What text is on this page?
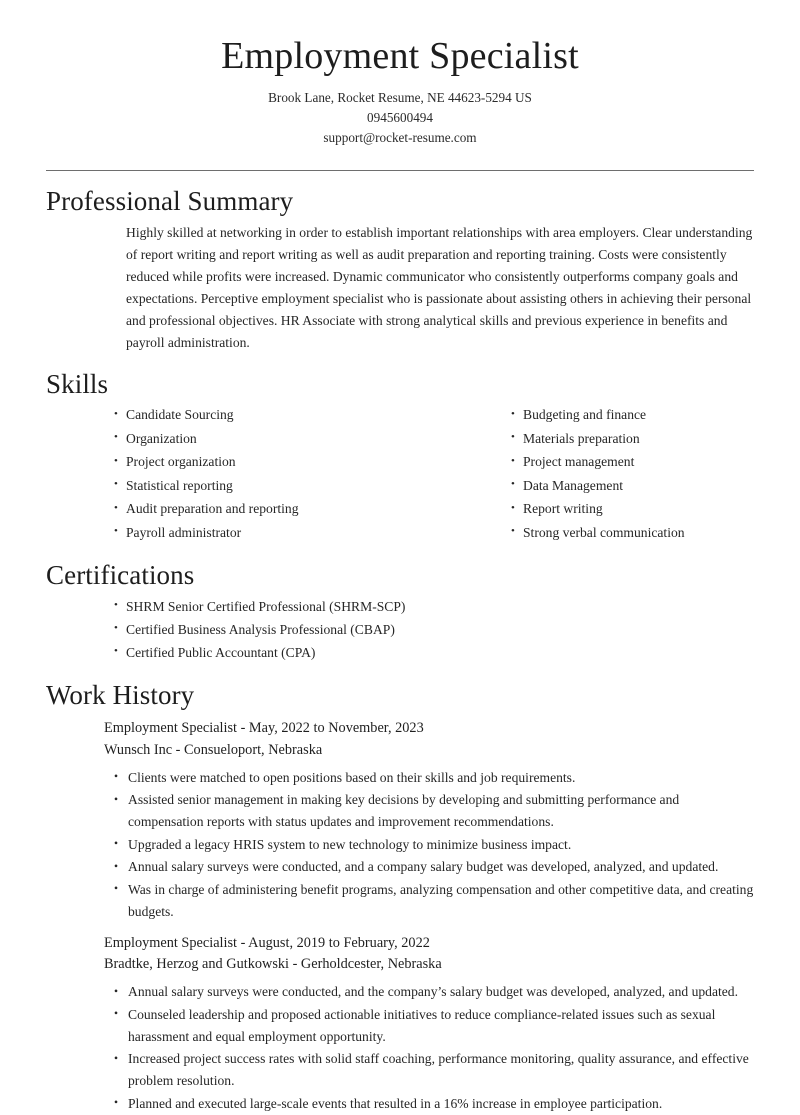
Employment Specialist
Brook Lane, Rocket Resume, NE 44623-5294 US
0945600494
support@rocket-resume.com
Professional Summary

Highly skilled at networking in order to establish important relationships with area employers. Clear understanding of report writing and report writing as well as audit preparation and reporting training. Costs were consistently reduced while profits were increased. Dynamic communicator who consistently outperforms company goals and expectations. Perceptive employment specialist who is passionate about assisting others in achieving their personal and professional objectives. HR Associate with strong analytical skills and previous experience in benefits and payroll administration.

Skills
• Candidate Sourcing
• Organization
• Project organization
• Statistical reporting
• Audit preparation and reporting
• Payroll administrator
• Budgeting and finance
• Materials preparation
• Project management
• Data Management
• Report writing
• Strong verbal communication
Certifications
• SHRM Senior Certified Professional (SHRM-SCP)
• Certified Business Analysis Professional (CBAP)
• Certified Public Accountant (CPA)
Work History
Employment Specialist - May, 2022 to November, 2023
Wunsch Inc - Consueloport, Nebraska
• Clients were matched to open positions based on their skills and job requirements.
• Assisted senior management in making key decisions by developing and submitting performance and compensation reports with status updates and improvement recommendations.
• Upgraded a legacy HRIS system to new technology to minimize business impact.
• Annual salary surveys were conducted, and a company salary budget was developed, analyzed, and updated.
• Was in charge of administering benefit programs, analyzing compensation and other competitive data, and creating budgets.
Employment Specialist - August, 2019 to February, 2022
Bradtke, Herzog and Gutkowski - Gerholdcester, Nebraska
• Annual salary surveys were conducted, and the company’s salary budget was developed, analyzed, and updated.
• Counseled leadership and proposed actionable initiatives to reduce compliance-related issues such as sexual harassment and equal employment opportunity.
• Increased project success rates with solid staff coaching, performance monitoring, quality assurance, and effective problem resolution.
• Planned and executed large-scale events that resulted in a 16% increase in employee participation.
